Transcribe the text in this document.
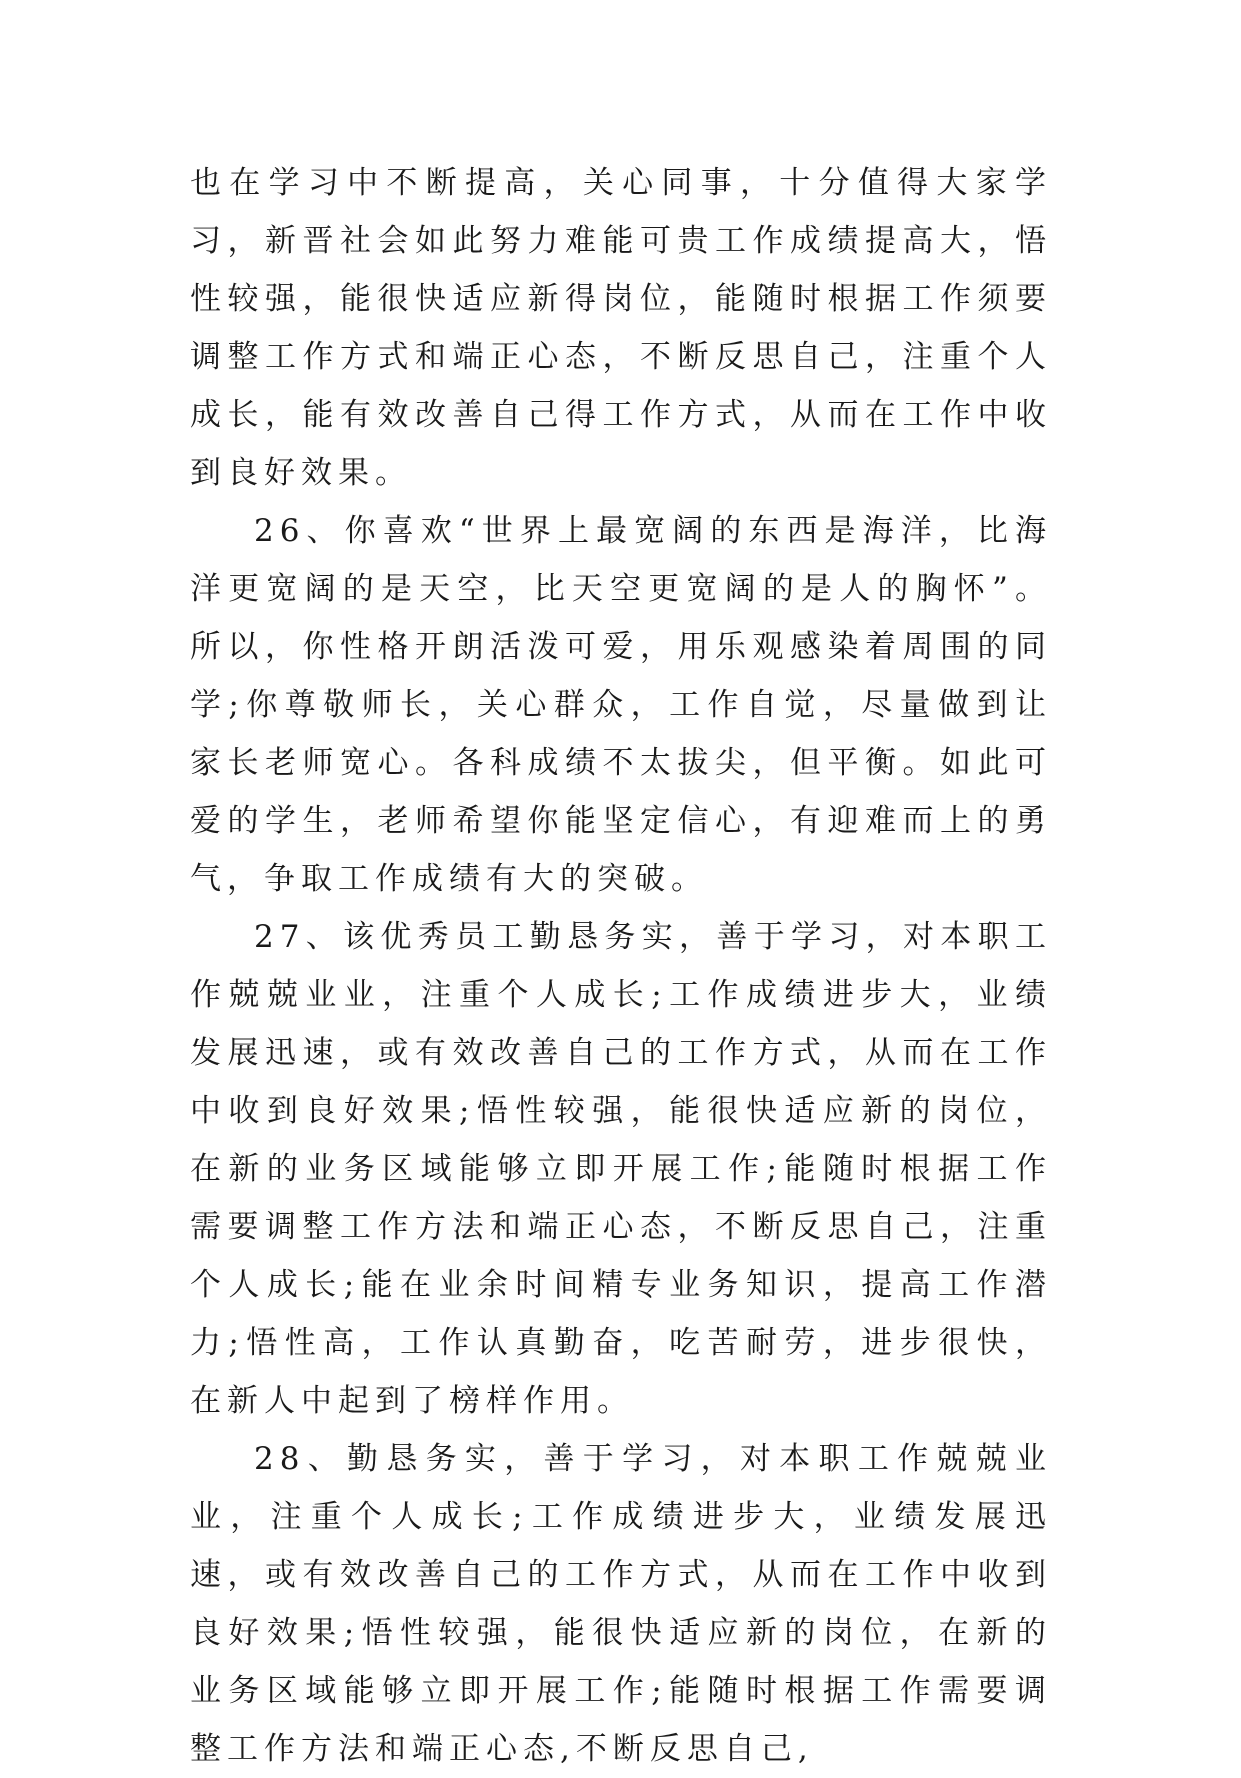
也在学习中不断提高，关心同事，十分值得大家学习，新晋社会如此努力难能可贵工作成绩提高大，悟性较强，能很快适应新得岗位，能随时根据工作须要调整工作方式和端正心态，不断反思自己，注重个人成长，能有效改善自己得工作方式，从而在工作中收到良好效果。

26、你喜欢“世界上最宽阔的东西是海洋，比海洋更宽阔的是天空，比天空更宽阔的是人的胸怀”。所以，你性格开朗活泼可爱，用乐观感染着周围的同学;你尊敬师长，关心群众，工作自觉，尽量做到让家长老师宽心。各科成绩不太拔尖，但平衡。如此可爱的学生，老师希望你能坚定信心，有迎难而上的勇气，争取工作成绩有大的突破。

27、该优秀员工勤恳务实，善于学习，对本职工作兢兢业业，注重个人成长;工作成绩进步大，业绩发展迅速，或有效改善自己的工作方式，从而在工作中收到良好效果;悟性较强，能很快适应新的岗位，在新的业务区域能够立即开展工作;能随时根据工作需要调整工作方法和端正心态，不断反思自己，注重个人成长;能在业余时间精专业务知识，提高工作潜力;悟性高，工作认真勤奋，吃苦耐劳，进步很快，在新人中起到了榜样作用。

28、勤恳务实，善于学习，对本职工作兢兢业业，注重个人成长;工作成绩进步大，业绩发展迅速，或有效改善自己的工作方式，从而在工作中收到良好效果;悟性较强，能很快适应新的岗位，在新的业务区域能够立即开展工作;能随时根据工作需要调整工作方法和端正心态,不断反思自己,
